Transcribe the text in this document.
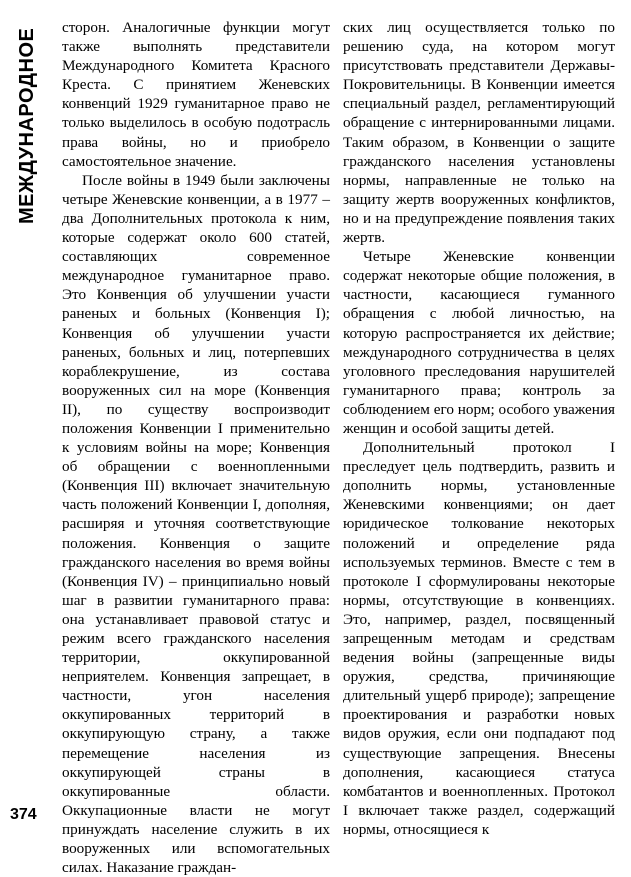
МЕЖДУНАРОДНОЕ

сторон. Аналогичные функции могут также выполнять представители Международного Комитета Красного Креста. С принятием Женевских конвенций 1929 гуманитарное право не только выделилось в особую подотрасль права войны, но и приобрело самостоятельное значение.

После войны в 1949 были заключены четыре Женевские конвенции, а в 1977 – два Дополнительных протокола к ним, которые содержат около 600 статей, составляющих современное международное гуманитарное право. Это Конвенция об улучшении участи раненых и больных (Конвенция I); Конвенция об улучшении участи раненых, больных и лиц, потерпевших кораблекрушение, из состава вооруженных сил на море (Конвенция II), по существу воспроизводит положения Конвенции I применительно к условиям войны на море; Конвенция об обращении с военнопленными (Конвенция III) включает значительную часть положений Конвенции I, дополняя, расширяя и уточняя соответствующие положения. Конвенция о защите гражданского населения во время войны (Конвенция IV) – принципиально новый шаг в развитии гуманитарного права: она устанавливает правовой статус и режим всего гражданского населения территории, оккупированной неприятелем. Конвенция запрещает, в частности, угон населения оккупированных территорий в оккупирующую страну, а также перемещение населения из оккупирующей страны в оккупированные области. Оккупационные власти не могут принуждать население служить в их вооруженных или вспомогательных силах. Наказание граждан-

ских лиц осуществляется только по решению суда, на котором могут присутствовать представители Державы-Покровительницы. В Конвенции имеется специальный раздел, регламентирующий обращение с интернированными лицами. Таким образом, в Конвенции о защите гражданского населения установлены нормы, направленные не только на защиту жертв вооруженных конфликтов, но и на предупреждение появления таких жертв.

Четыре Женевские конвенции содержат некоторые общие положения, в частности, касающиеся гуманного обращения с любой личностью, на которую распространяется их действие; международного сотрудничества в целях уголовного преследования нарушителей гуманитарного права; контроль за соблюдением его норм; особого уважения женщин и особой защиты детей.

Дополнительный протокол I преследует цель подтвердить, развить и дополнить нормы, установленные Женевскими конвенциями; он дает юридическое толкование некоторых положений и определение ряда используемых терминов. Вместе с тем в протоколе I сформулированы некоторые нормы, отсутствующие в конвенциях. Это, например, раздел, посвященный запрещенным методам и средствам ведения войны (запрещенные виды оружия, средства, причиняющие длительный ущерб природе); запрещение проектирования и разработки новых видов оружия, если они подпадают под существующие запрещения. Внесены дополнения, касающиеся статуса комбатантов и военнопленных. Протокол I включает также раздел, содержащий нормы, относящиеся к

374
